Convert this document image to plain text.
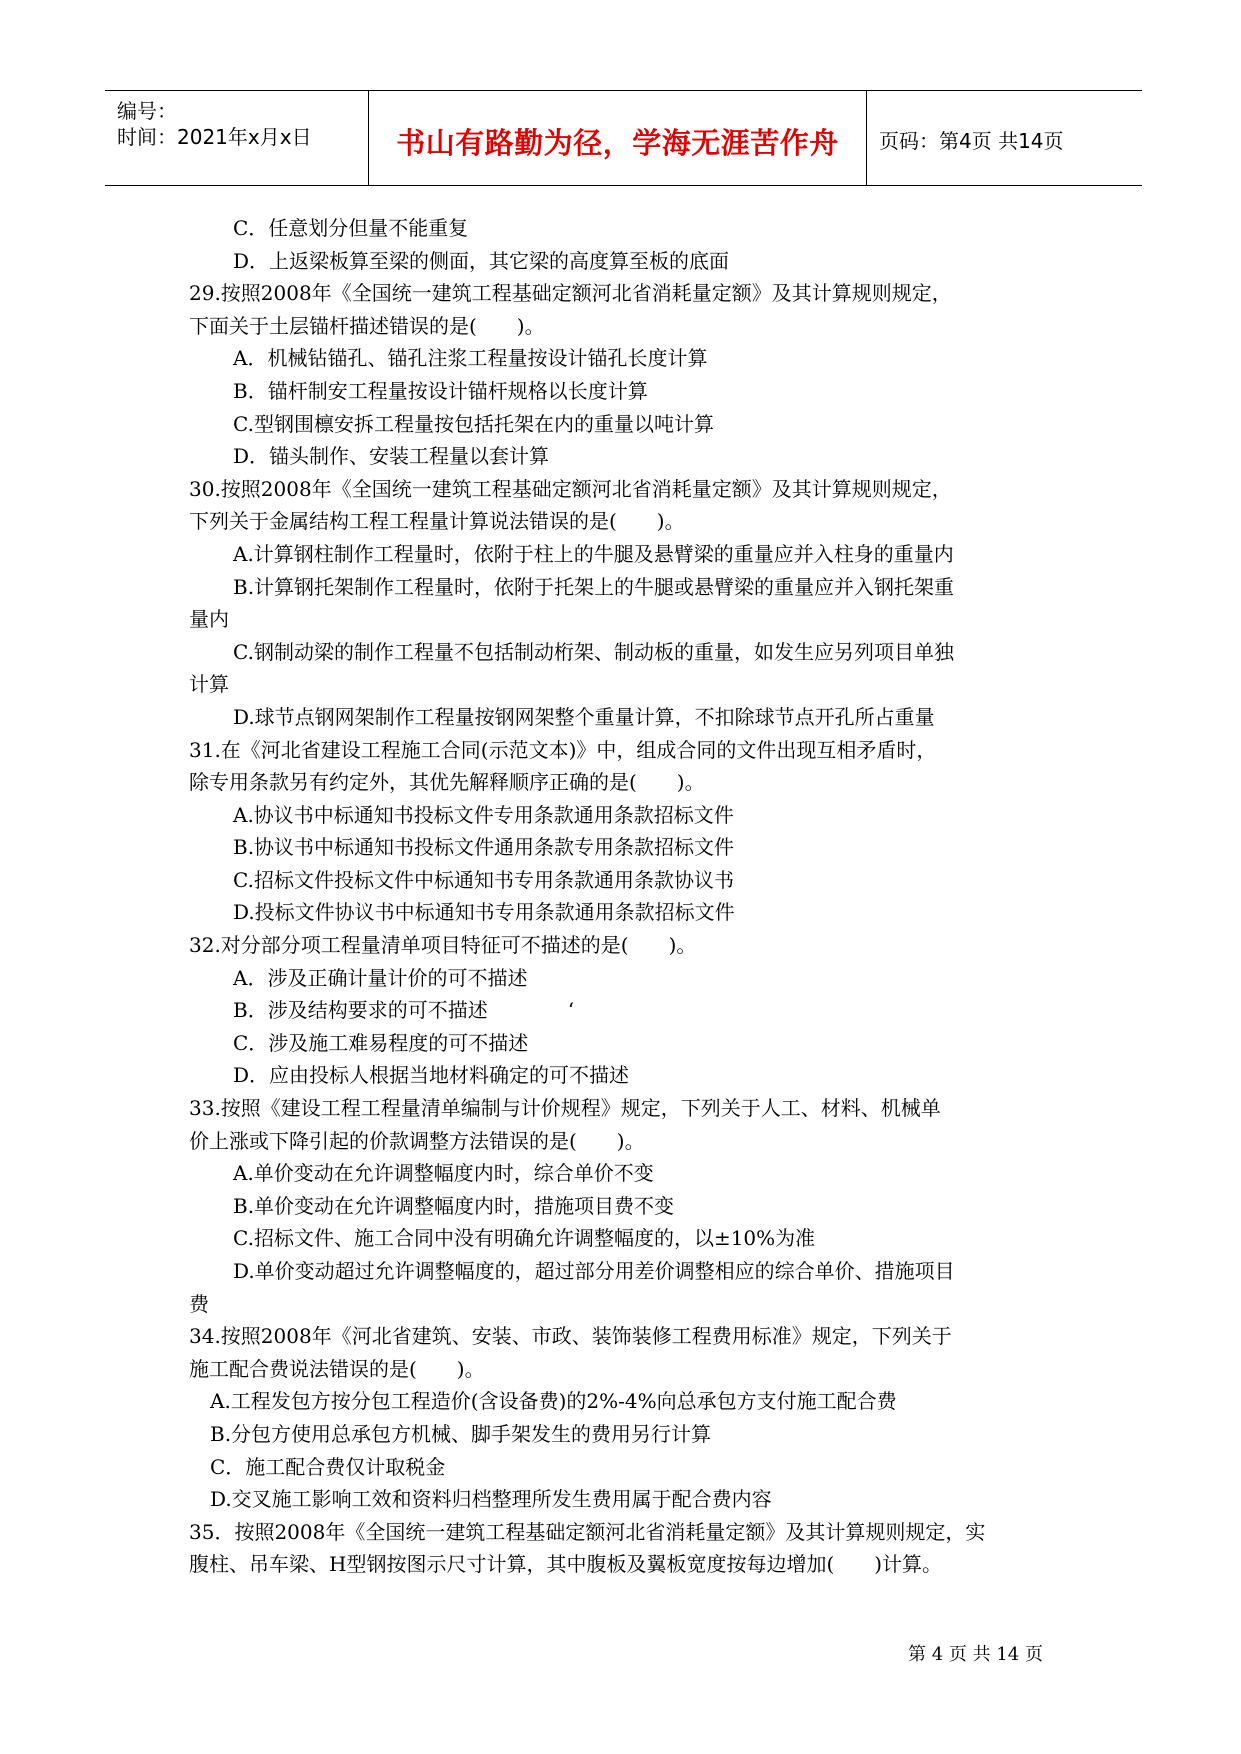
编号：
时间：2021年x月x日	书山有路勤为径，学海无涯苦作舟	页码：第4页 共14页
C．任意划分但量不能重复
D．上返梁板算至梁的侧面，其它梁的高度算至板的底面
29.按照2008年《全国统一建筑工程基础定额河北省消耗量定额》及其计算规则规定，
下面关于土层锚杆描述错误的是(　　)。
A．机械钻锚孔、锚孔注浆工程量按设计锚孔长度计算
B．锚杆制安工程量按设计锚杆规格以长度计算
C.型钢围檩安拆工程量按包括托架在内的重量以吨计算
D．锚头制作、安装工程量以套计算
30.按照2008年《全国统一建筑工程基础定额河北省消耗量定额》及其计算规则规定，
下列关于金属结构工程工程量计算说法错误的是(　　)。
A.计算钢柱制作工程量时，依附于柱上的牛腿及悬臂梁的重量应并入柱身的重量内
B.计算钢托架制作工程量时，依附于托架上的牛腿或悬臂梁的重量应并入钢托架重
量内
C.钢制动梁的制作工程量不包括制动桁架、制动板的重量，如发生应另列项目单独
计算
D.球节点钢网架制作工程量按钢网架整个重量计算，不扣除球节点开孔所占重量
31.在《河北省建设工程施工合同(示范文本)》中，组成合同的文件出现互相矛盾时，
除专用条款另有约定外，其优先解释顺序正确的是(　　)。
A.协议书中标通知书投标文件专用条款通用条款招标文件
B.协议书中标通知书投标文件通用条款专用条款招标文件
C.招标文件投标文件中标通知书专用条款通用条款协议书
D.投标文件协议书中标通知书专用条款通用条款招标文件
32.对分部分项工程量清单项目特征可不描述的是(　　)。
A．涉及正确计量计价的可不描述
B．涉及结构要求的可不描述　　　　‘
C．涉及施工难易程度的可不描述
D．应由投标人根据当地材料确定的可不描述
33.按照《建设工程工程量清单编制与计价规程》规定，下列关于人工、材料、机械单
价上涨或下降引起的价款调整方法错误的是(　　)。
A.单价变动在允许调整幅度内时，综合单价不变
B.单价变动在允许调整幅度内时，措施项目费不变
C.招标文件、施工合同中没有明确允许调整幅度的，以±10%为准
D.单价变动超过允许调整幅度的，超过部分用差价调整相应的综合单价、措施项目
费
34.按照2008年《河北省建筑、安装、市政、装饰装修工程费用标准》规定，下列关于
施工配合费说法错误的是(　　)。
A.工程发包方按分包工程造价(含设备费)的2%-4%向总承包方支付施工配合费
B.分包方使用总承包方机械、脚手架发生的费用另行计算
C．施工配合费仅计取税金
D.交叉施工影响工效和资料归档整理所发生费用属于配合费内容
35．按照2008年《全国统一建筑工程基础定额河北省消耗量定额》及其计算规则规定，实
腹柱、吊车梁、H型钢按图示尺寸计算，其中腹板及翼板宽度按每边增加(　　)计算。
第 4 页 共 14 页
